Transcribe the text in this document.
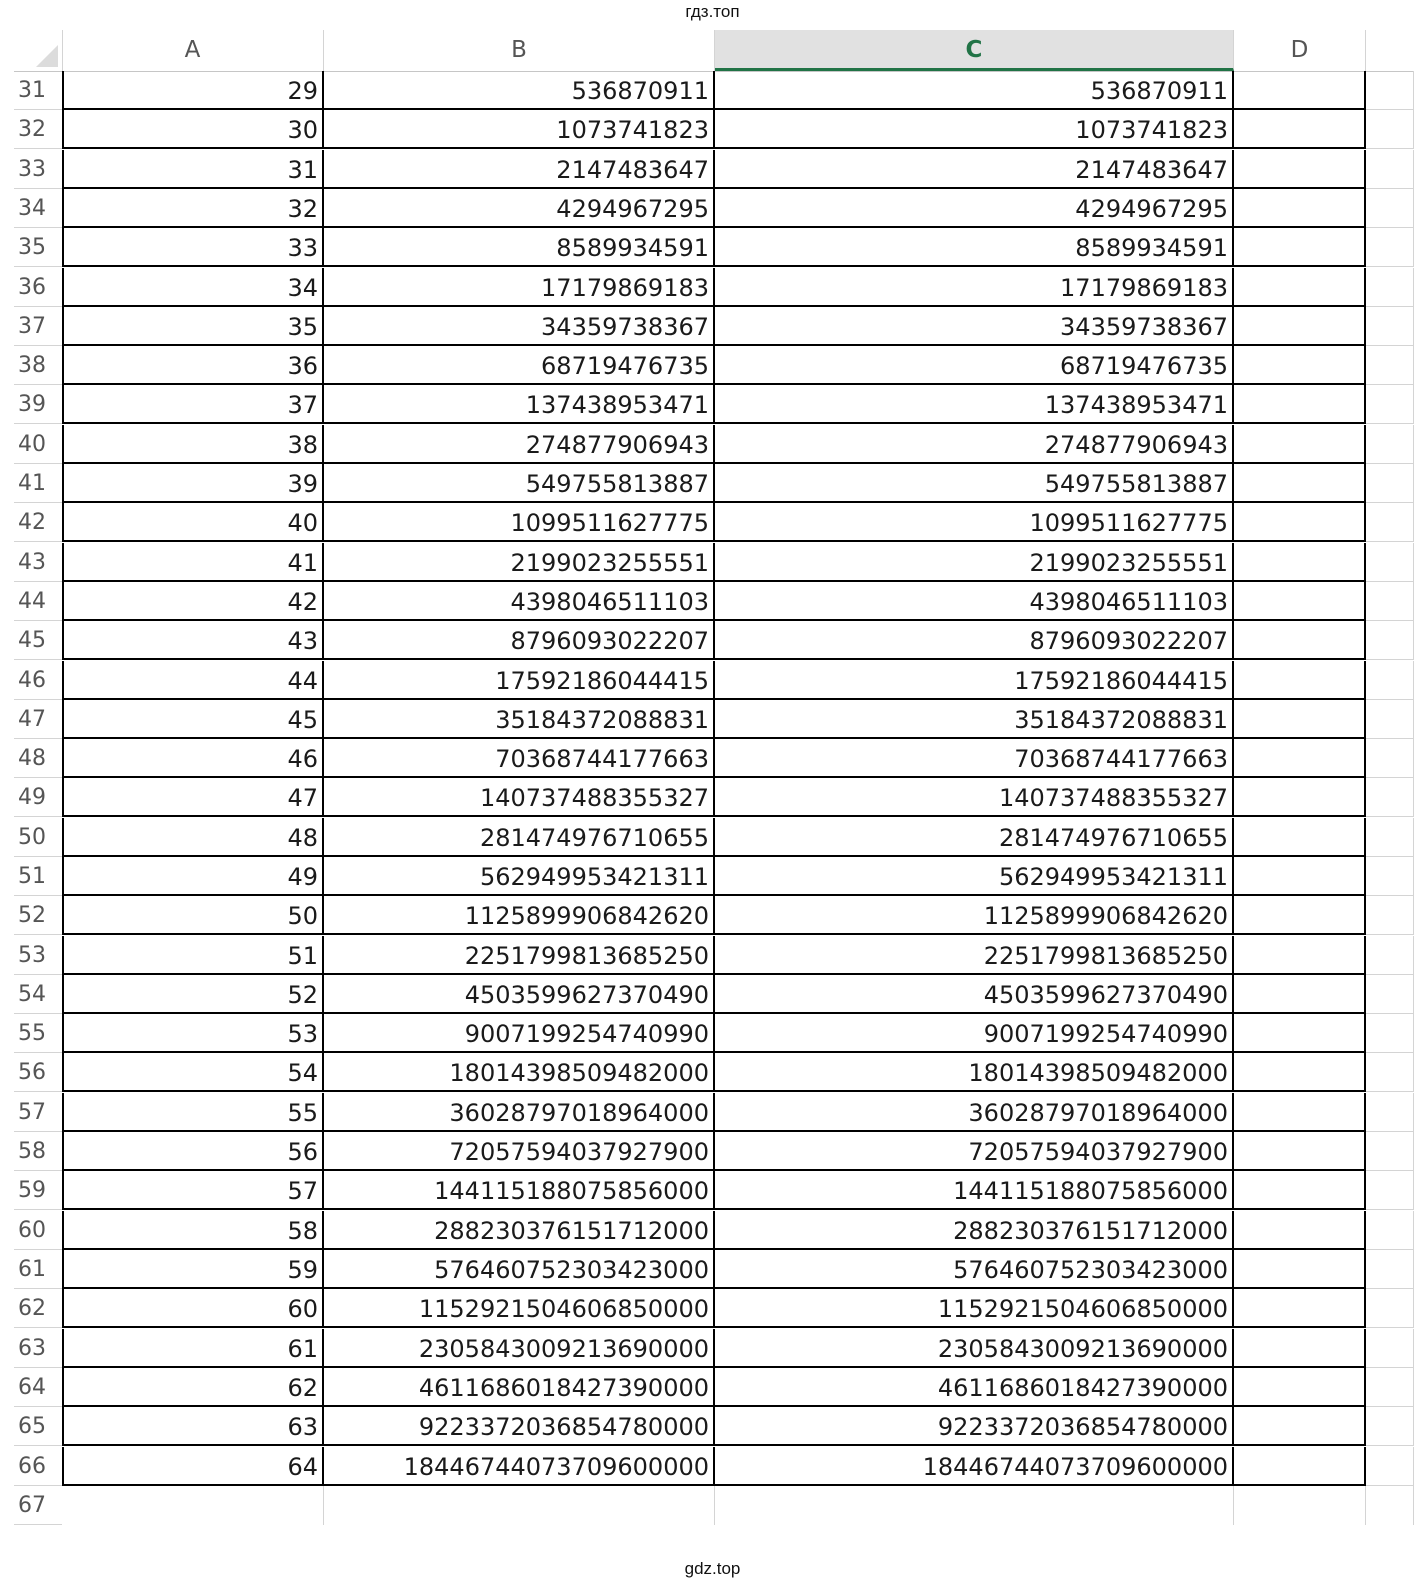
гдз.топ
A	B	C	D
31	29	536870911	536870911
32	30	1073741823	1073741823
33	31	2147483647	2147483647
34	32	4294967295	4294967295
35	33	8589934591	8589934591
36	34	17179869183	17179869183
37	35	34359738367	34359738367
38	36	68719476735	68719476735
39	37	137438953471	137438953471
40	38	274877906943	274877906943
41	39	549755813887	549755813887
42	40	1099511627775	1099511627775
43	41	2199023255551	2199023255551
44	42	4398046511103	4398046511103
45	43	8796093022207	8796093022207
46	44	17592186044415	17592186044415
47	45	35184372088831	35184372088831
48	46	70368744177663	70368744177663
49	47	140737488355327	140737488355327
50	48	281474976710655	281474976710655
51	49	562949953421311	562949953421311
52	50	1125899906842620	1125899906842620
53	51	2251799813685250	2251799813685250
54	52	4503599627370490	4503599627370490
55	53	9007199254740990	9007199254740990
56	54	18014398509482000	18014398509482000
57	55	36028797018964000	36028797018964000
58	56	72057594037927900	72057594037927900
59	57	144115188075856000	144115188075856000
60	58	288230376151712000	288230376151712000
61	59	576460752303423000	576460752303423000
62	60	1152921504606850000	1152921504606850000
63	61	2305843009213690000	2305843009213690000
64	62	4611686018427390000	4611686018427390000
65	63	9223372036854780000	9223372036854780000
66	64	18446744073709600000	18446744073709600000
67
gdz.top
